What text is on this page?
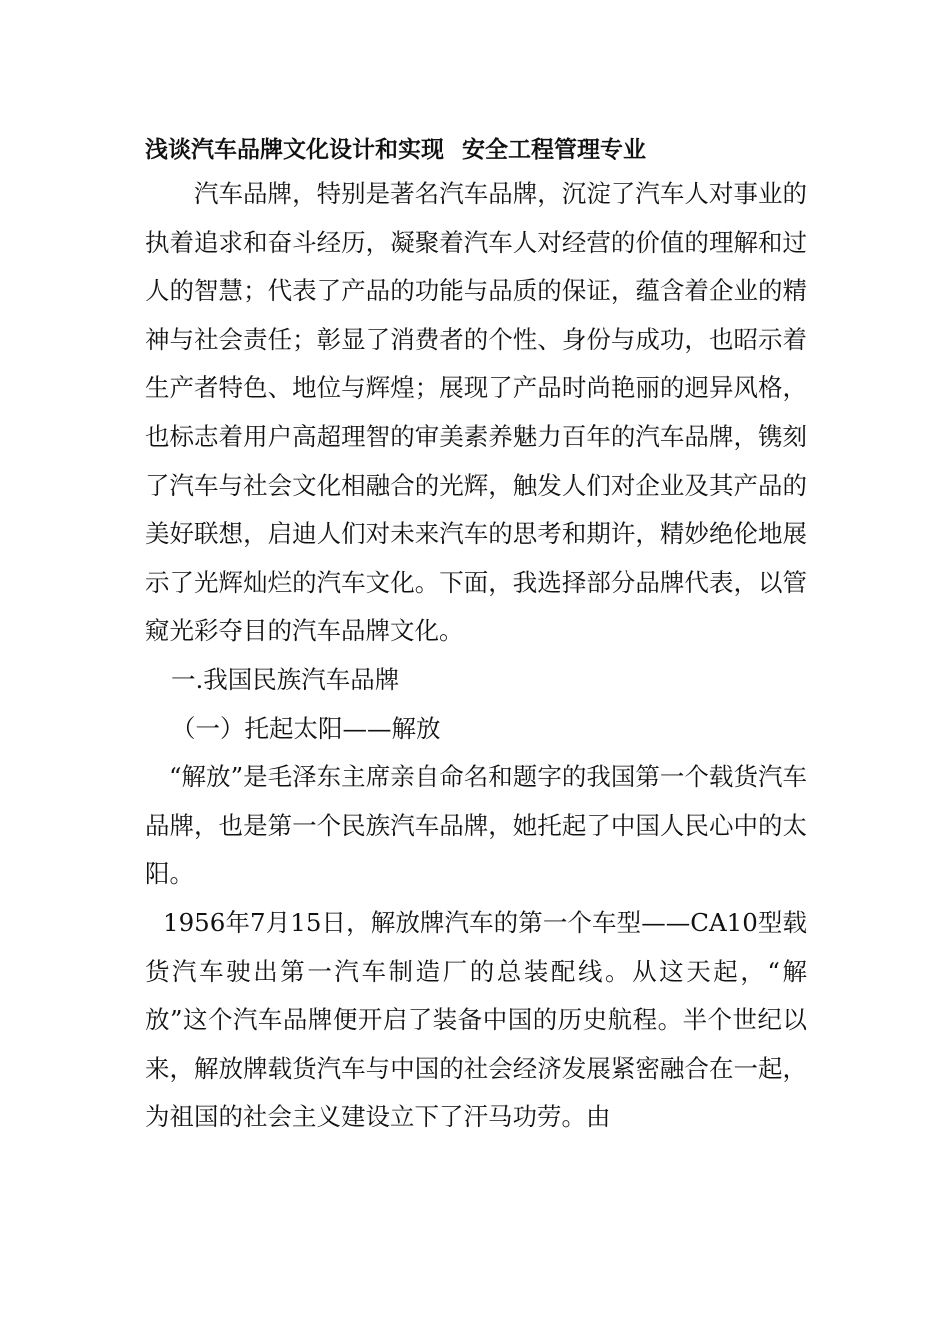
浅谈汽车品牌文化设计和实现 安全工程管理专业

汽车品牌，特别是著名汽车品牌，沉淀了汽车人对事业的执着追求和奋斗经历，凝聚着汽车人对经营的价值的理解和过人的智慧；代表了产品的功能与品质的保证，蕴含着企业的精神与社会责任；彰显了消费者的个性、身份与成功，也昭示着生产者特色、地位与辉煌；展现了产品时尚艳丽的迥异风格，也标志着用户高超理智的审美素养魅力百年的汽车品牌，镌刻了汽车与社会文化相融合的光辉，触发人们对企业及其产品的美好联想，启迪人们对未来汽车的思考和期许，精妙绝伦地展示了光辉灿烂的汽车文化。下面，我选择部分品牌代表，以管窥光彩夺目的汽车品牌文化。

一.我国民族汽车品牌

（一）托起太阳——解放

“解放”是毛泽东主席亲自命名和题字的我国第一个载货汽车品牌，也是第一个民族汽车品牌，她托起了中国人民心中的太阳。

1956年7月15日，解放牌汽车的第一个车型——CA10型载货汽车驶出第一汽车制造厂的总装配线。从这天起，“解放”这个汽车品牌便开启了装备中国的历史航程。半个世纪以来，解放牌载货汽车与中国的社会经济发展紧密融合在一起，为祖国的社会主义建设立下了汗马功劳。由
